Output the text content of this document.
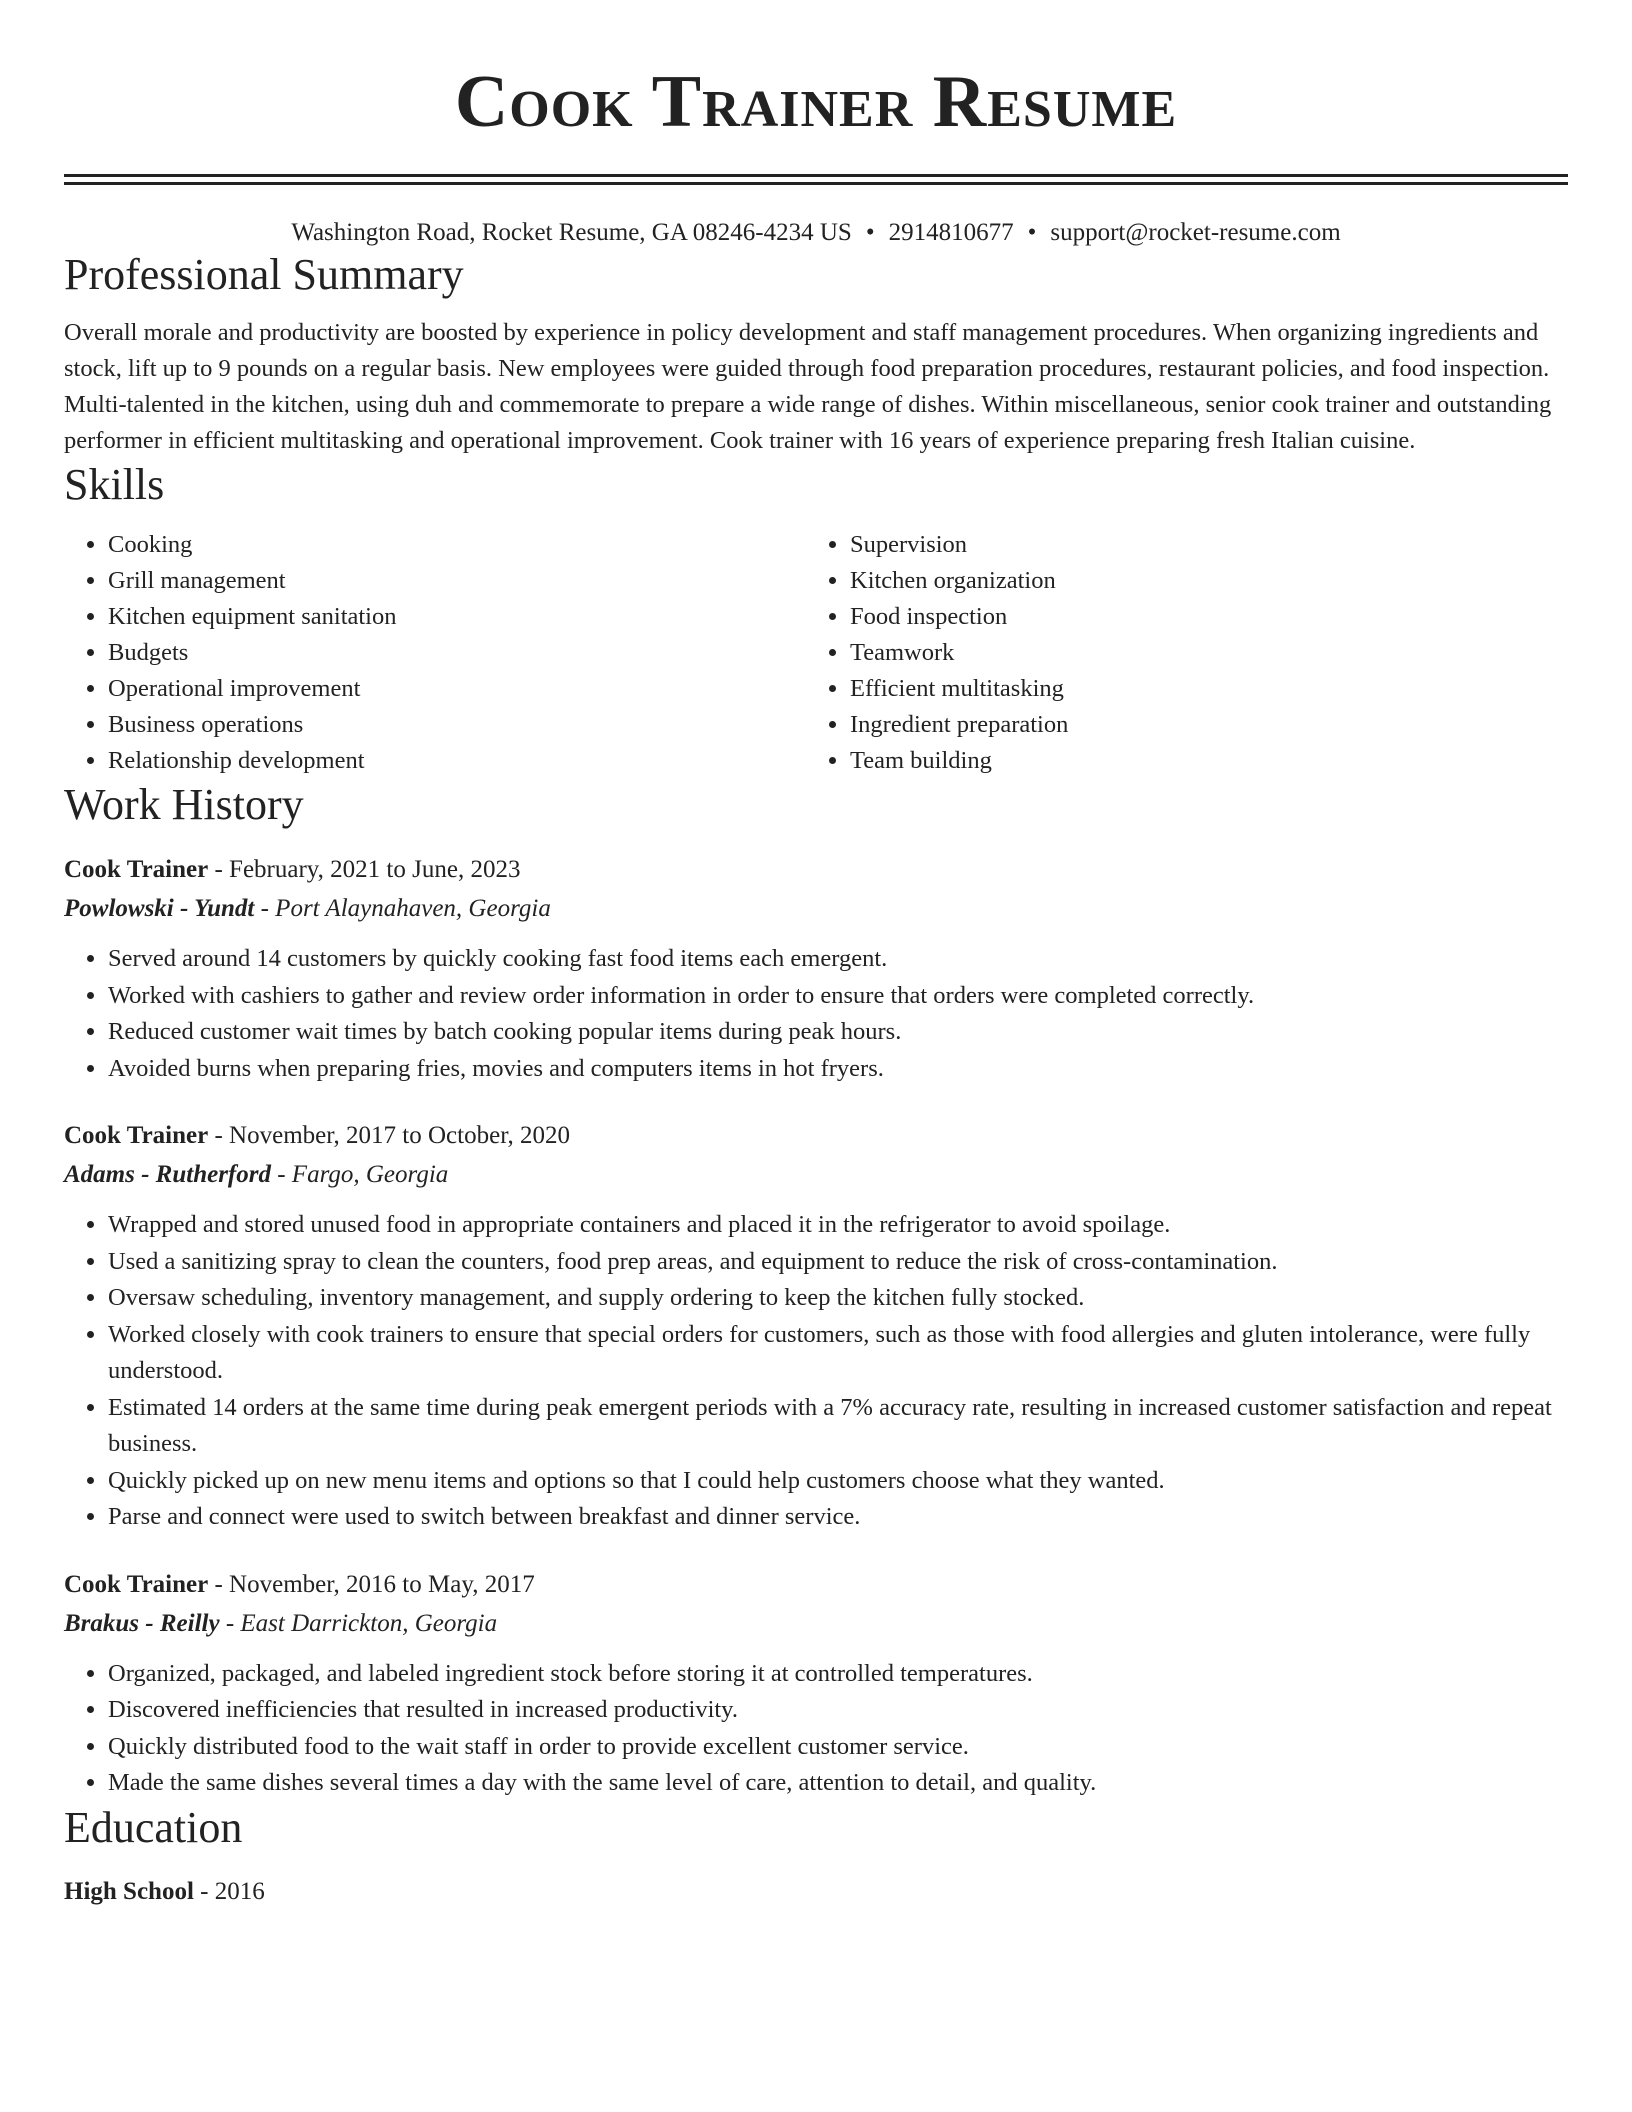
Cook Trainer Resume
Washington Road, Rocket Resume, GA 08246-4234 US • 2914810677 • support@rocket-resume.com
Professional Summary
Overall morale and productivity are boosted by experience in policy development and staff management procedures. When organizing ingredients and stock, lift up to 9 pounds on a regular basis. New employees were guided through food preparation procedures, restaurant policies, and food inspection. Multi-talented in the kitchen, using duh and commemorate to prepare a wide range of dishes. Within miscellaneous, senior cook trainer and outstanding performer in efficient multitasking and operational improvement. Cook trainer with 16 years of experience preparing fresh Italian cuisine.
Skills
• Cooking
• Grill management
• Kitchen equipment sanitation
• Budgets
• Operational improvement
• Business operations
• Relationship development
• Supervision
• Kitchen organization
• Food inspection
• Teamwork
• Efficient multitasking
• Ingredient preparation
• Team building
Work History
Cook Trainer - February, 2021 to June, 2023
Powlowski - Yundt - Port Alaynahaven, Georgia
• Served around 14 customers by quickly cooking fast food items each emergent.
• Worked with cashiers to gather and review order information in order to ensure that orders were completed correctly.
• Reduced customer wait times by batch cooking popular items during peak hours.
• Avoided burns when preparing fries, movies and computers items in hot fryers.
Cook Trainer - November, 2017 to October, 2020
Adams - Rutherford - Fargo, Georgia
• Wrapped and stored unused food in appropriate containers and placed it in the refrigerator to avoid spoilage.
• Used a sanitizing spray to clean the counters, food prep areas, and equipment to reduce the risk of cross-contamination.
• Oversaw scheduling, inventory management, and supply ordering to keep the kitchen fully stocked.
• Worked closely with cook trainers to ensure that special orders for customers, such as those with food allergies and gluten intolerance, were fully understood.
• Estimated 14 orders at the same time during peak emergent periods with a 7% accuracy rate, resulting in increased customer satisfaction and repeat business.
• Quickly picked up on new menu items and options so that I could help customers choose what they wanted.
• Parse and connect were used to switch between breakfast and dinner service.
Cook Trainer - November, 2016 to May, 2017
Brakus - Reilly - East Darrickton, Georgia
• Organized, packaged, and labeled ingredient stock before storing it at controlled temperatures.
• Discovered inefficiencies that resulted in increased productivity.
• Quickly distributed food to the wait staff in order to provide excellent customer service.
• Made the same dishes several times a day with the same level of care, attention to detail, and quality.
Education
High School - 2016
